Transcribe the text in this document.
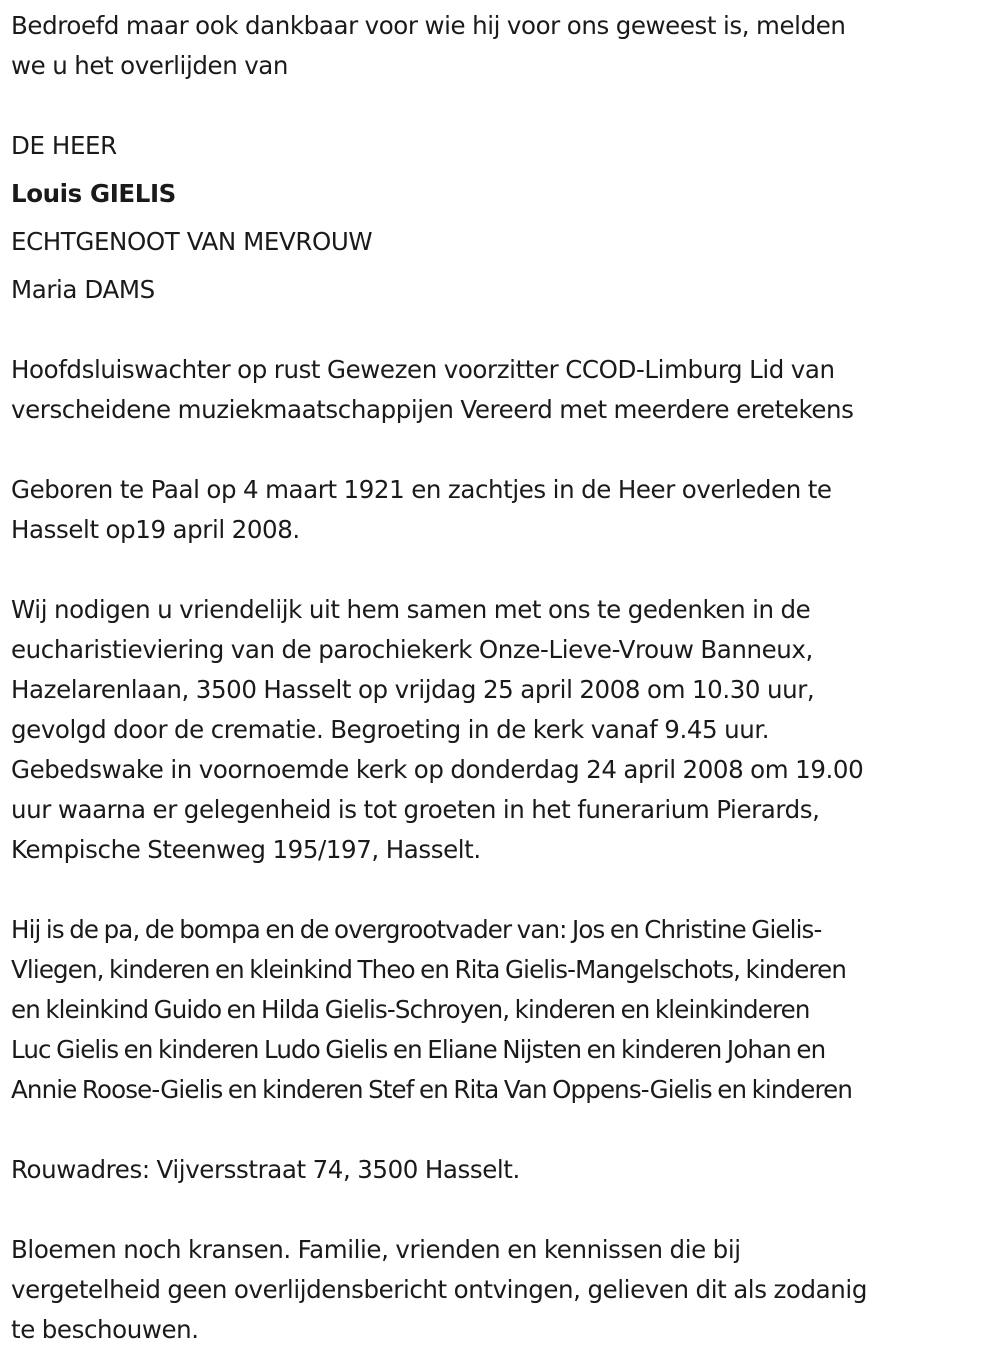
Bedroefd maar ook dankbaar voor wie hij voor ons geweest is, melden
we u het overlijden van

DE HEER

Louis GIELIS

ECHTGENOOT VAN MEVROUW

Maria DAMS

Hoofdsluiswachter op rust Gewezen voorzitter CCOD-Limburg Lid van
verscheidene muziekmaatschappijen Vereerd met meerdere eretekens

Geboren te Paal op 4 maart 1921 en zachtjes in de Heer overleden te
Hasselt op19 april 2008.

Wij nodigen u vriendelijk uit hem samen met ons te gedenken in de
eucharistieviering van de parochiekerk Onze-Lieve-Vrouw Banneux,
Hazelarenlaan, 3500 Hasselt op vrijdag 25 april 2008 om 10.30 uur,
gevolgd door de crematie. Begroeting in de kerk vanaf 9.45 uur.
Gebedswake in voornoemde kerk op donderdag 24 april 2008 om 19.00
uur waarna er gelegenheid is tot groeten in het funerarium Pierards,
Kempische Steenweg 195/197, Hasselt.

Hij is de pa, de bompa en de overgrootvader van: Jos en Christine Gielis-
Vliegen, kinderen en kleinkind Theo en Rita Gielis-Mangelschots, kinderen
en kleinkind Guido en Hilda Gielis-Schroyen, kinderen en kleinkinderen
Luc Gielis en kinderen Ludo Gielis en Eliane Nijsten en kinderen Johan en
Annie Roose-Gielis en kinderen Stef en Rita Van Oppens-Gielis en kinderen

Rouwadres: Vijversstraat 74, 3500 Hasselt.

Bloemen noch kransen. Familie, vrienden en kennissen die bij
vergetelheid geen overlijdensbericht ontvingen, gelieven dit als zodanig
te beschouwen.
